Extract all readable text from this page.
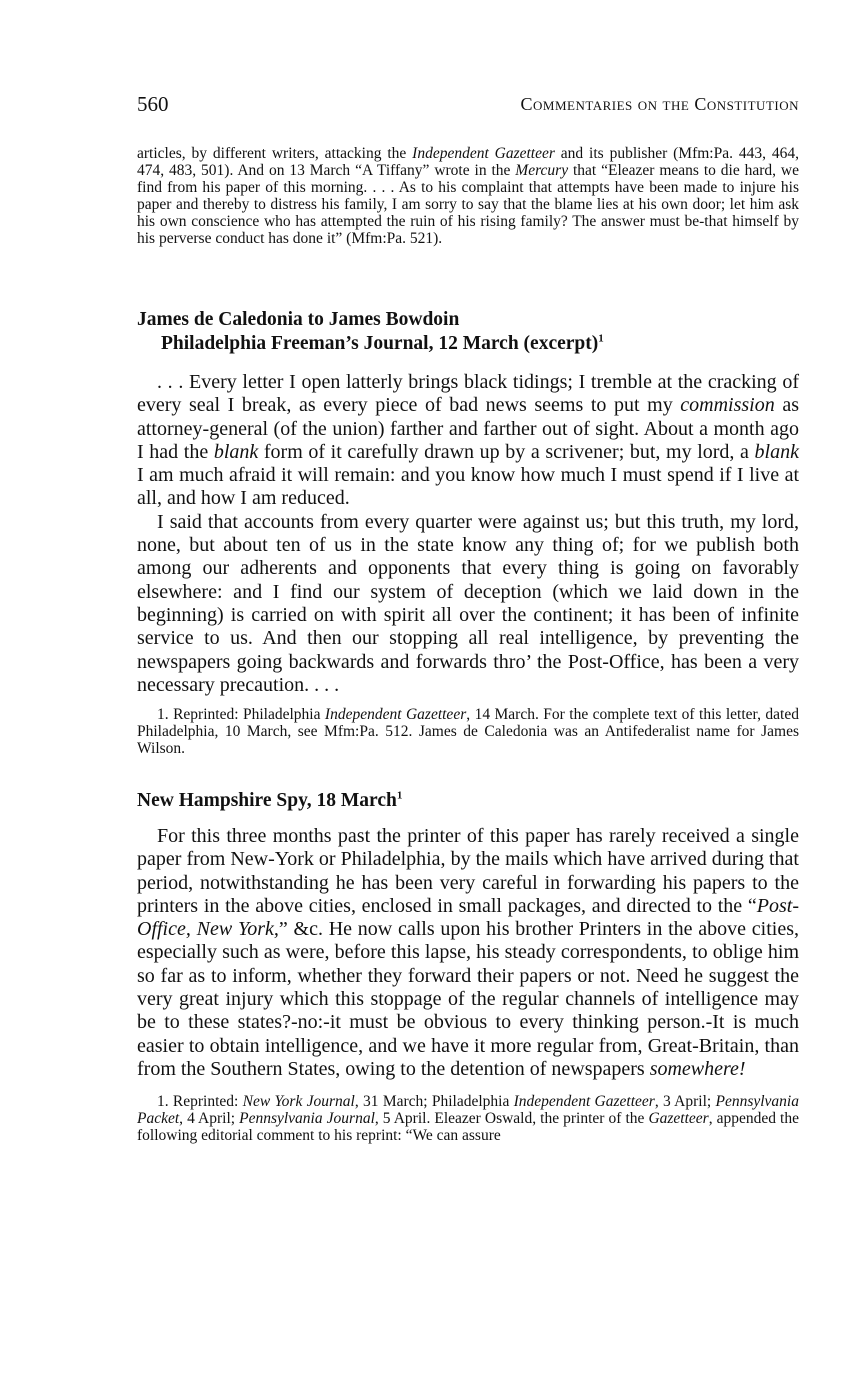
560	Commentaries on the Constitution

articles, by different writers, attacking the Independent Gazetteer and its publisher (Mfm:Pa. 443, 464, 474, 483, 501). And on 13 March “A Tiffany” wrote in the Mercury that “Eleazer means to die hard, we find from his paper of this morning. . . . As to his complaint that attempts have been made to injure his paper and thereby to distress his family, I am sorry to say that the blame lies at his own door; let him ask his own conscience who has attempted the ruin of his rising family? The answer must be-that himself by his perverse conduct has done it” (Mfm:Pa. 521).

James de Caledonia to James Bowdoin
Philadelphia Freeman’s Journal, 12 March (excerpt)$^1$

. . . Every letter I open latterly brings black tidings; I tremble at the cracking of every seal I break, as every piece of bad news seems to put my commission as attorney-general (of the union) farther and farther out of sight. About a month ago I had the blank form of it carefully drawn up by a scrivener; but, my lord, a blank I am much afraid it will remain: and you know how much I must spend if I live at all, and how I am reduced.

I said that accounts from every quarter were against us; but this truth, my lord, none, but about ten of us in the state know any thing of; for we publish both among our adherents and opponents that every thing is going on favorably elsewhere: and I find our system of deception (which we laid down in the beginning) is carried on with spirit all over the continent; it has been of infinite service to us. And then our stopping all real intelligence, by preventing the newspapers going backwards and forwards thro’ the Post-Office, has been a very necessary precaution. . . .

1. Reprinted: Philadelphia Independent Gazetteer, 14 March. For the complete text of this letter, dated Philadelphia, 10 March, see Mfm:Pa. 512. James de Caledonia was an Antifederalist name for James Wilson.

New Hampshire Spy, 18 March$^1$

For this three months past the printer of this paper has rarely received a single paper from New-York or Philadelphia, by the mails which have arrived during that period, notwithstanding he has been very careful in forwarding his papers to the printers in the above cities, enclosed in small packages, and directed to the “Post-Office, New York,” &c. He now calls upon his brother Printers in the above cities, especially such as were, before this lapse, his steady correspondents, to oblige him so far as to inform, whether they forward their papers or not. Need he suggest the very great injury which this stoppage of the regular channels of intelligence may be to these states?-no:-it must be obvious to every thinking person.-It is much easier to obtain intelligence, and we have it more regular from, Great-Britain, than from the Southern States, owing to the detention of newspapers somewhere!

1. Reprinted: New York Journal, 31 March; Philadelphia Independent Gazetteer, 3 April; Pennsylvania Packet, 4 April; Pennsylvania Journal, 5 April. Eleazer Oswald, the printer of the Gazetteer, appended the following editorial comment to his reprint: “We can assure
